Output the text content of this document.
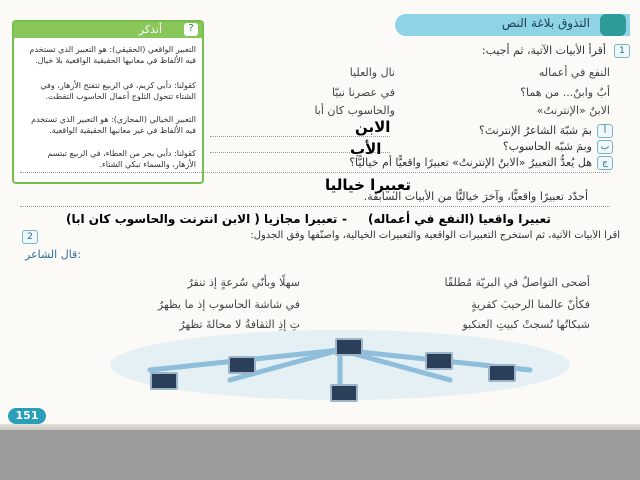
التذوق بلاغة النص
?
أتذكر
التعبير الواقعي (الحقيقي): هو التعبير الذي تستخدم فيه الألفاظ في معانيها الحقيقية الواقعية بلا خيال.
كقولنا: دأبي كريم، في الربيع تتفتح الأزهار، وفي الشتاء تتحول الثلوج أعمال الحاسوب التقطت.
التعبير الخيالي (المجازي): هو التعبير الذي تستخدم فيه الألفاظ في غير معانيها الحقيقية الواقعية.
كقولنا: دأبي بحر من العطاء، في الربيع تبتسم الأزهار، والسماء تبكي الشتاء.
1
أقرأ الأبيات الآتية، ثم أجيب:
النفع في أعماله
نال والعليا
أبٌ وابنٌ... من هما؟
في عصرنا نبيّا
الابنُ «الإنترنتُ»
والحاسوب كان أبا
أ
بمَ شبّهَ الشاعرُ الإنترنتَ؟
ب
وبمَ شبّه الحاسوب؟
ج
هل يُعدُّ التعبيرُ «الابنُ الإنترنتُ» تعبيرًا واقعيًّا أم خياليًّا؟
أحدّد تعبيرًا واقعيًّا، وآخرَ خياليًّا من الأبيات السابقة.
الابن
الأب
تعبيرا خياليا
تعبيرا واقعيا (النفع في أعماله)
-
تعبيرا مجازيا ( الابن انترنت والحاسوب كان ابا)
2	أقرأ الأبيات الآتية، ثم أستخرج التعبيرات الواقعية والتعبيرات الخيالية، وأصنّفها وفق الجدول:
قال الشاعر:
أضحى التواصلُ في البريّة مُطلقًا
سهلًا وبأنّي سُرعةٍ إذ تنقرُ
فكأنّ عالمنا الرحيبَ كقريةٍ
في شاشة الحاسوب إذ ما يظهرُ
شبكاتُها نُسجتْ كبيتِ العنكبو
تِ إذِ الثقافةُ لا محالةَ تظهرُ
151
